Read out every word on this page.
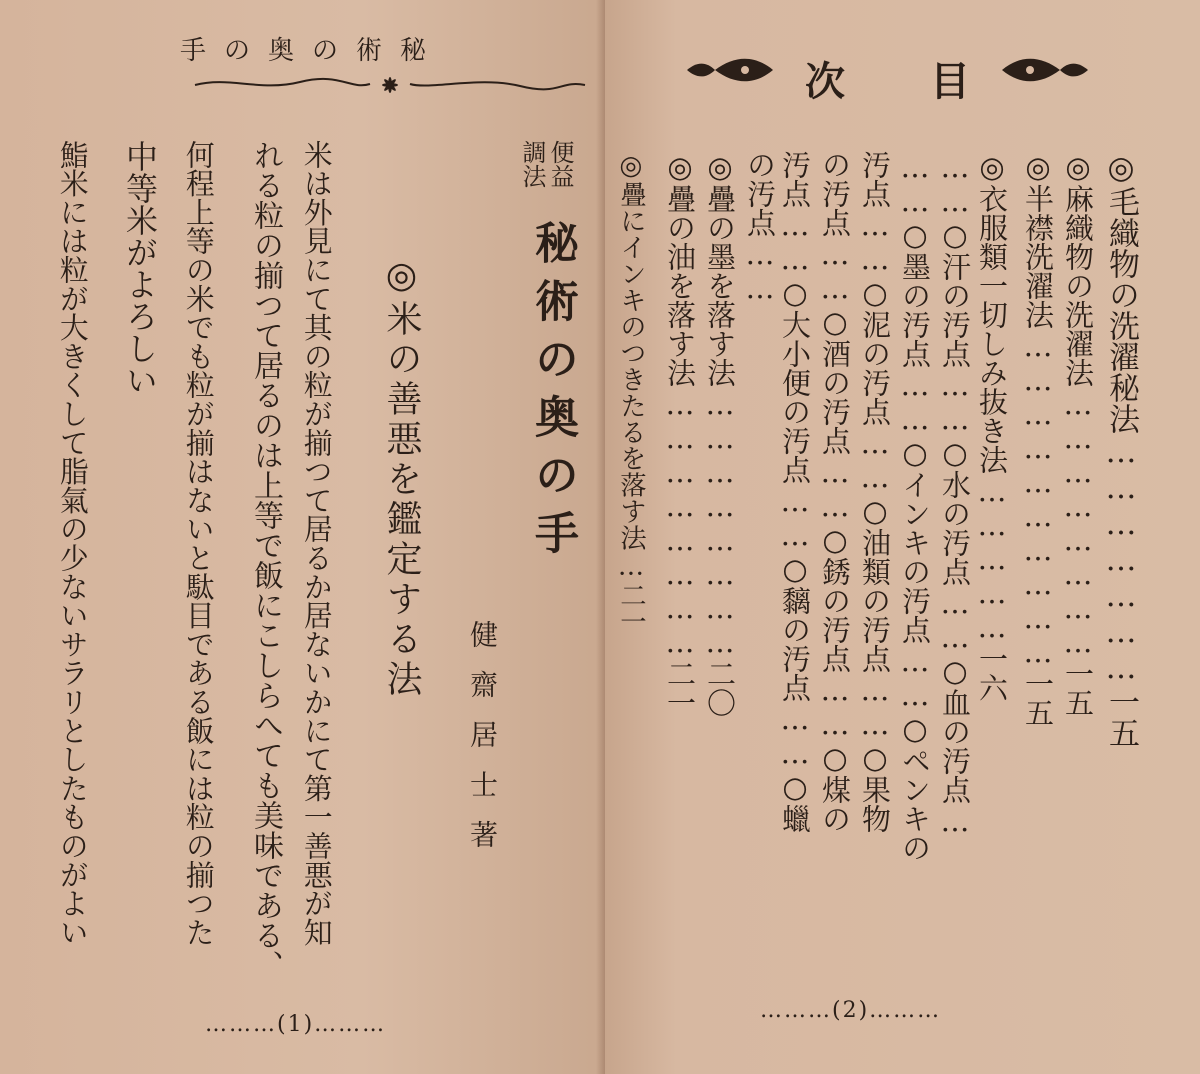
手の奥の術秘
便益
調法
秘術の奥の手
健齋居士著
◎米の善悪を鑑定する法
米は外見にて其の粒が揃つて居るか居ないかにて第一善悪が知
れる粒の揃つて居るのは上等で飯にこしらへても美味である、
何程上等の米でも粒が揃はないと駄目である飯には粒の揃つた
中等米がよろしい
鮨米には粒が大きくして脂氣の少ないサラリとしたものがよい
………(1)………
次 目
◎毛織物の洗濯秘法…………………一五
◎麻織物の洗濯法……………………一五
◎半襟洗濯法…………………………一五
◎衣服類一切しみ抜き法……………一六
……○汗の汚点……○水の汚点……○血の汚点…
……○墨の汚点……○インキの汚点……○ペンキの
汚点……○泥の汚点……○油類の汚点……○果物
の汚点……○酒の汚点……○銹の汚点……○煤の
汚点……○大小便の汚点……○黐の汚点……○蠟
の汚点……
◎疊の墨を落す法……………………二〇
◎疊の油を落す法……………………二一
◎疊にインキのつきたるを落す法…二一
………(2)………
